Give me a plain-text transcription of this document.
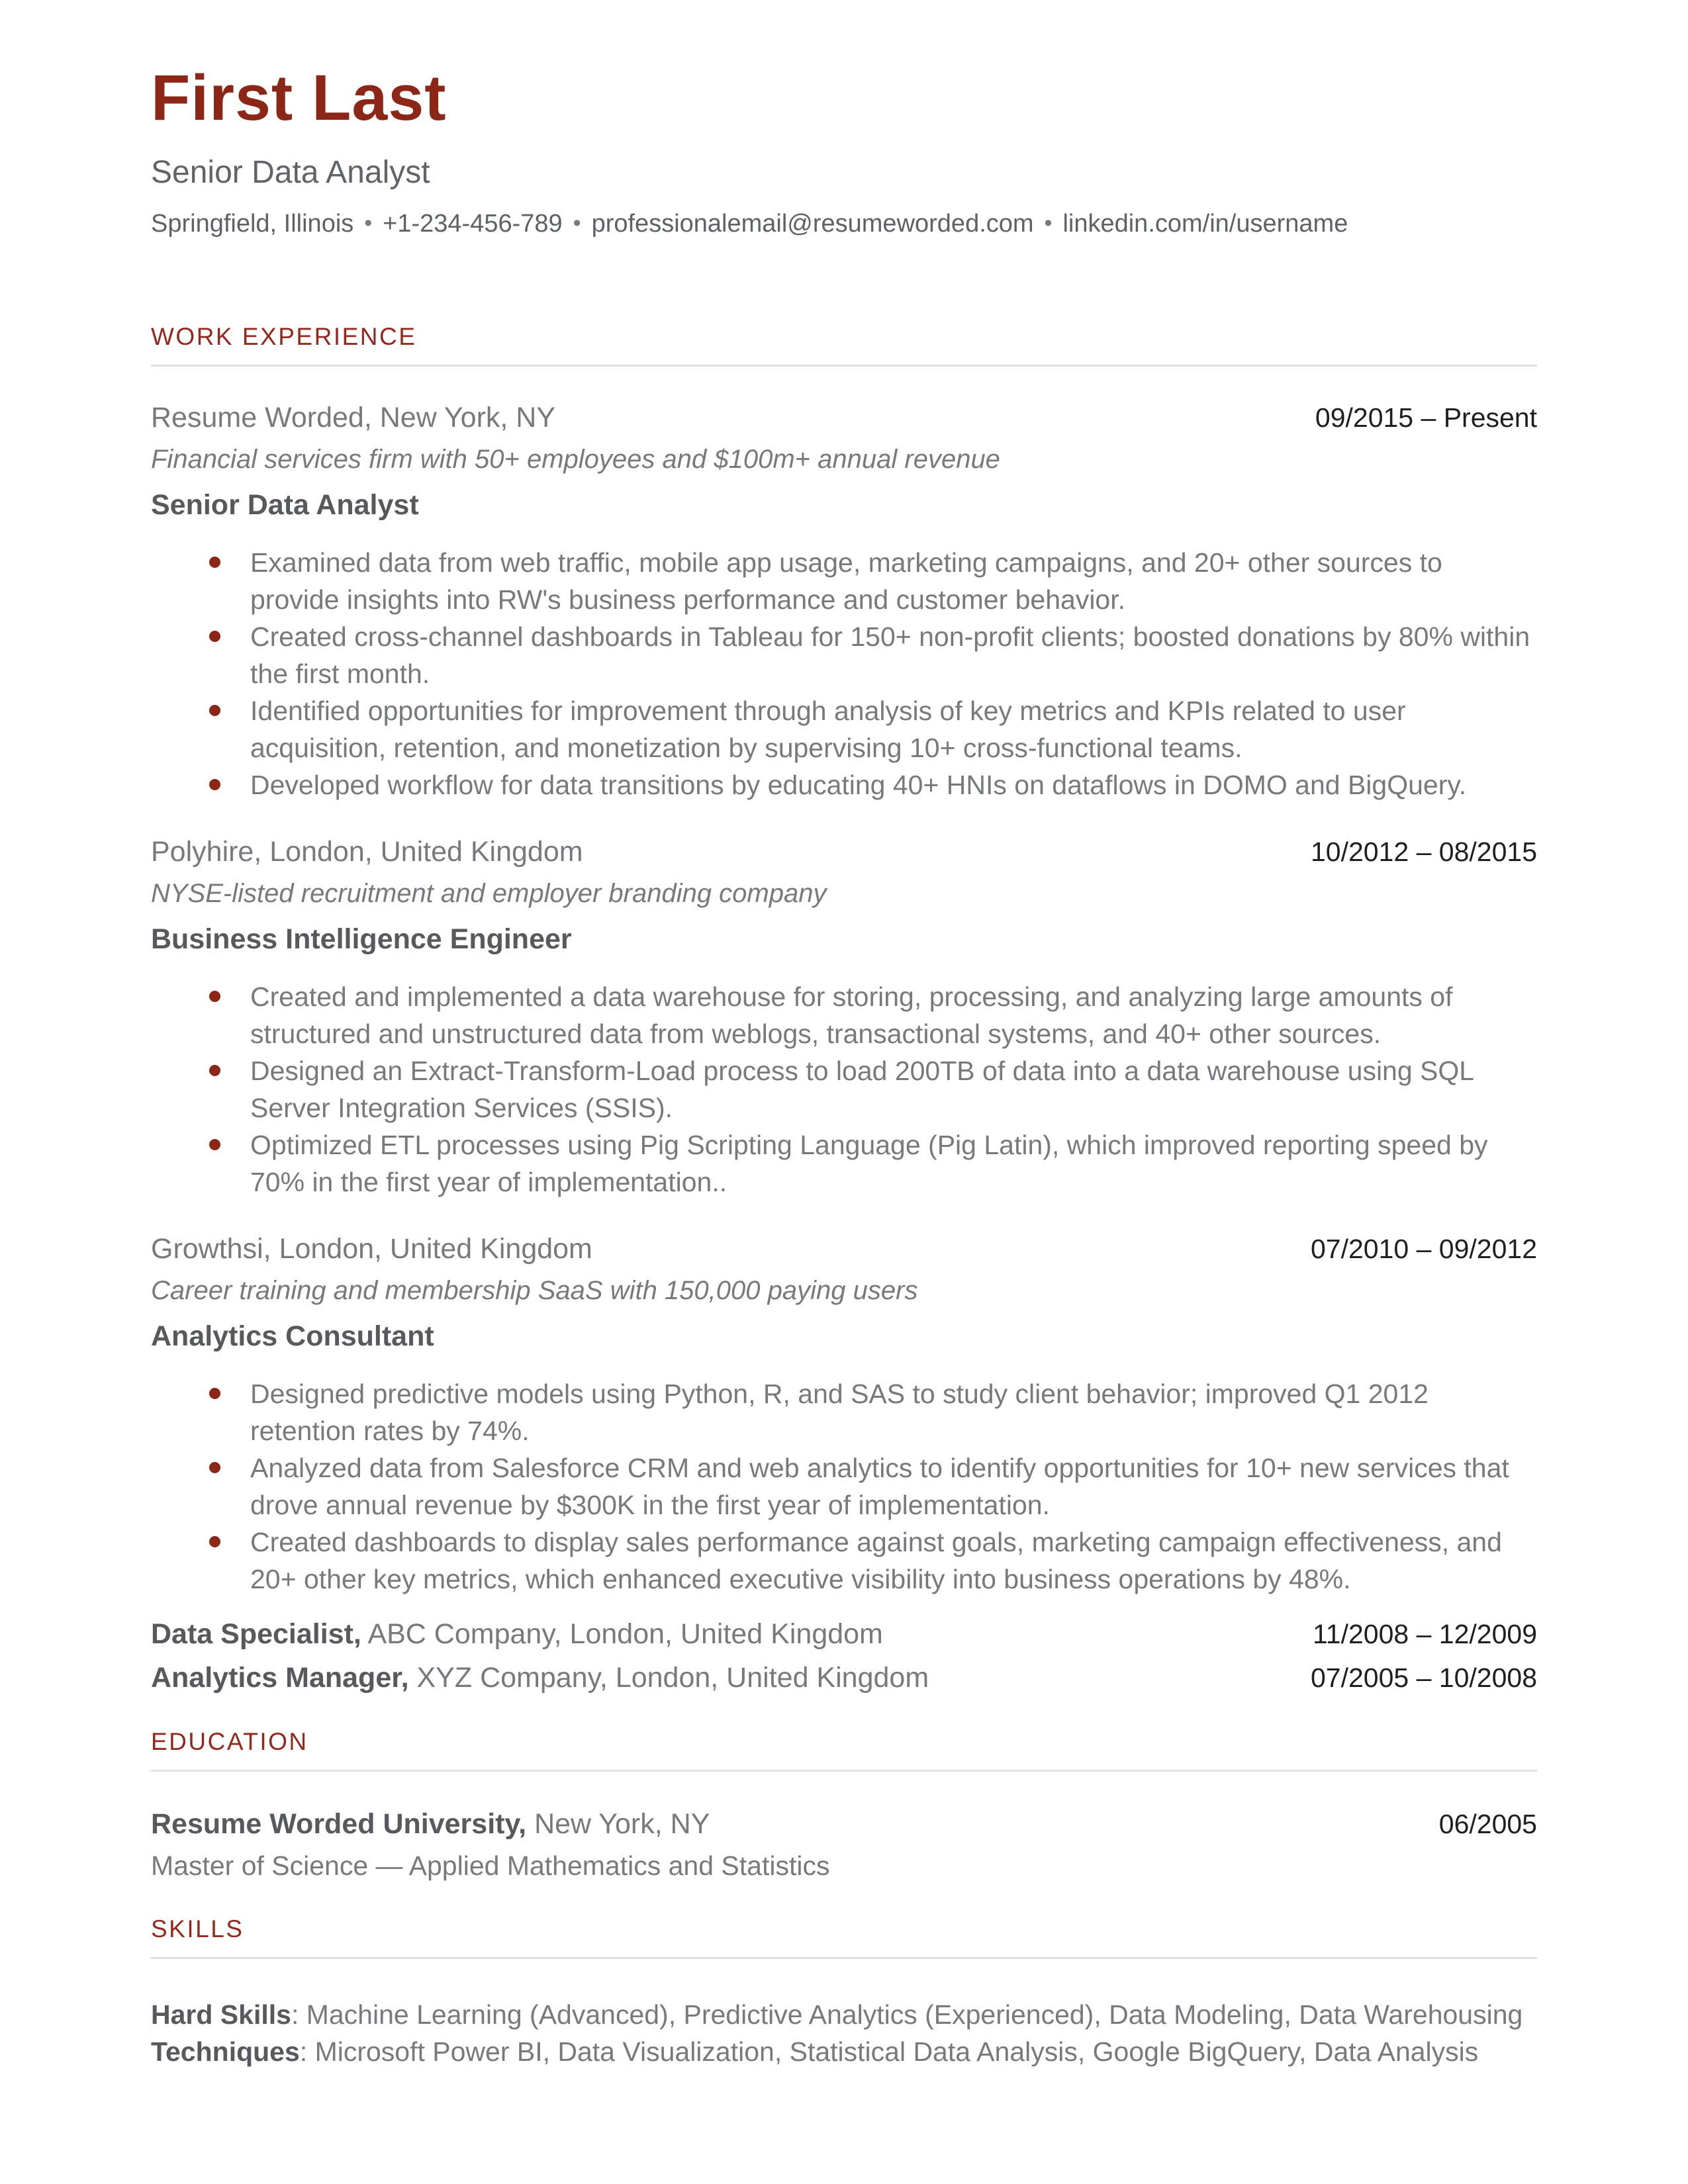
First Last
Senior Data Analyst
Springfield, Illinois • +1-234-456-789 • professionalemail@resumeworded.com • linkedin.com/in/username
WORK EXPERIENCE
Resume Worded, New York, NY	09/2015 – Present
Financial services firm with 50+ employees and $100m+ annual revenue
Senior Data Analyst
Examined data from web traffic, mobile app usage, marketing campaigns, and 20+ other sources to provide insights into RW's business performance and customer behavior.
Created cross-channel dashboards in Tableau for 150+ non-profit clients; boosted donations by 80% within the first month.
Identified opportunities for improvement through analysis of key metrics and KPIs related to user acquisition, retention, and monetization by supervising 10+ cross-functional teams.
Developed workflow for data transitions by educating 40+ HNIs on dataflows in DOMO and BigQuery.
Polyhire, London, United Kingdom	10/2012 – 08/2015
NYSE-listed recruitment and employer branding company
Business Intelligence Engineer
Created and implemented a data warehouse for storing, processing, and analyzing large amounts of structured and unstructured data from weblogs, transactional systems, and 40+ other sources.
Designed an Extract-Transform-Load process to load 200TB of data into a data warehouse using SQL Server Integration Services (SSIS).
Optimized ETL processes using Pig Scripting Language (Pig Latin), which improved reporting speed by 70% in the first year of implementation..
Growthsi, London, United Kingdom	07/2010 – 09/2012
Career training and membership SaaS with 150,000 paying users
Analytics Consultant
Designed predictive models using Python, R, and SAS to study client behavior; improved Q1 2012 retention rates by 74%.
Analyzed data from Salesforce CRM and web analytics to identify opportunities for 10+ new services that drove annual revenue by $300K in the first year of implementation.
Created dashboards to display sales performance against goals, marketing campaign effectiveness, and 20+ other key metrics, which enhanced executive visibility into business operations by 48%.
Data Specialist, ABC Company, London, United Kingdom	11/2008 – 12/2009
Analytics Manager, XYZ Company, London, United Kingdom	07/2005 – 10/2008
EDUCATION
Resume Worded University, New York, NY	06/2005
Master of Science — Applied Mathematics and Statistics
SKILLS
Hard Skills: Machine Learning (Advanced), Predictive Analytics (Experienced), Data Modeling, Data Warehousing
Techniques: Microsoft Power BI, Data Visualization, Statistical Data Analysis, Google BigQuery, Data Analysis
